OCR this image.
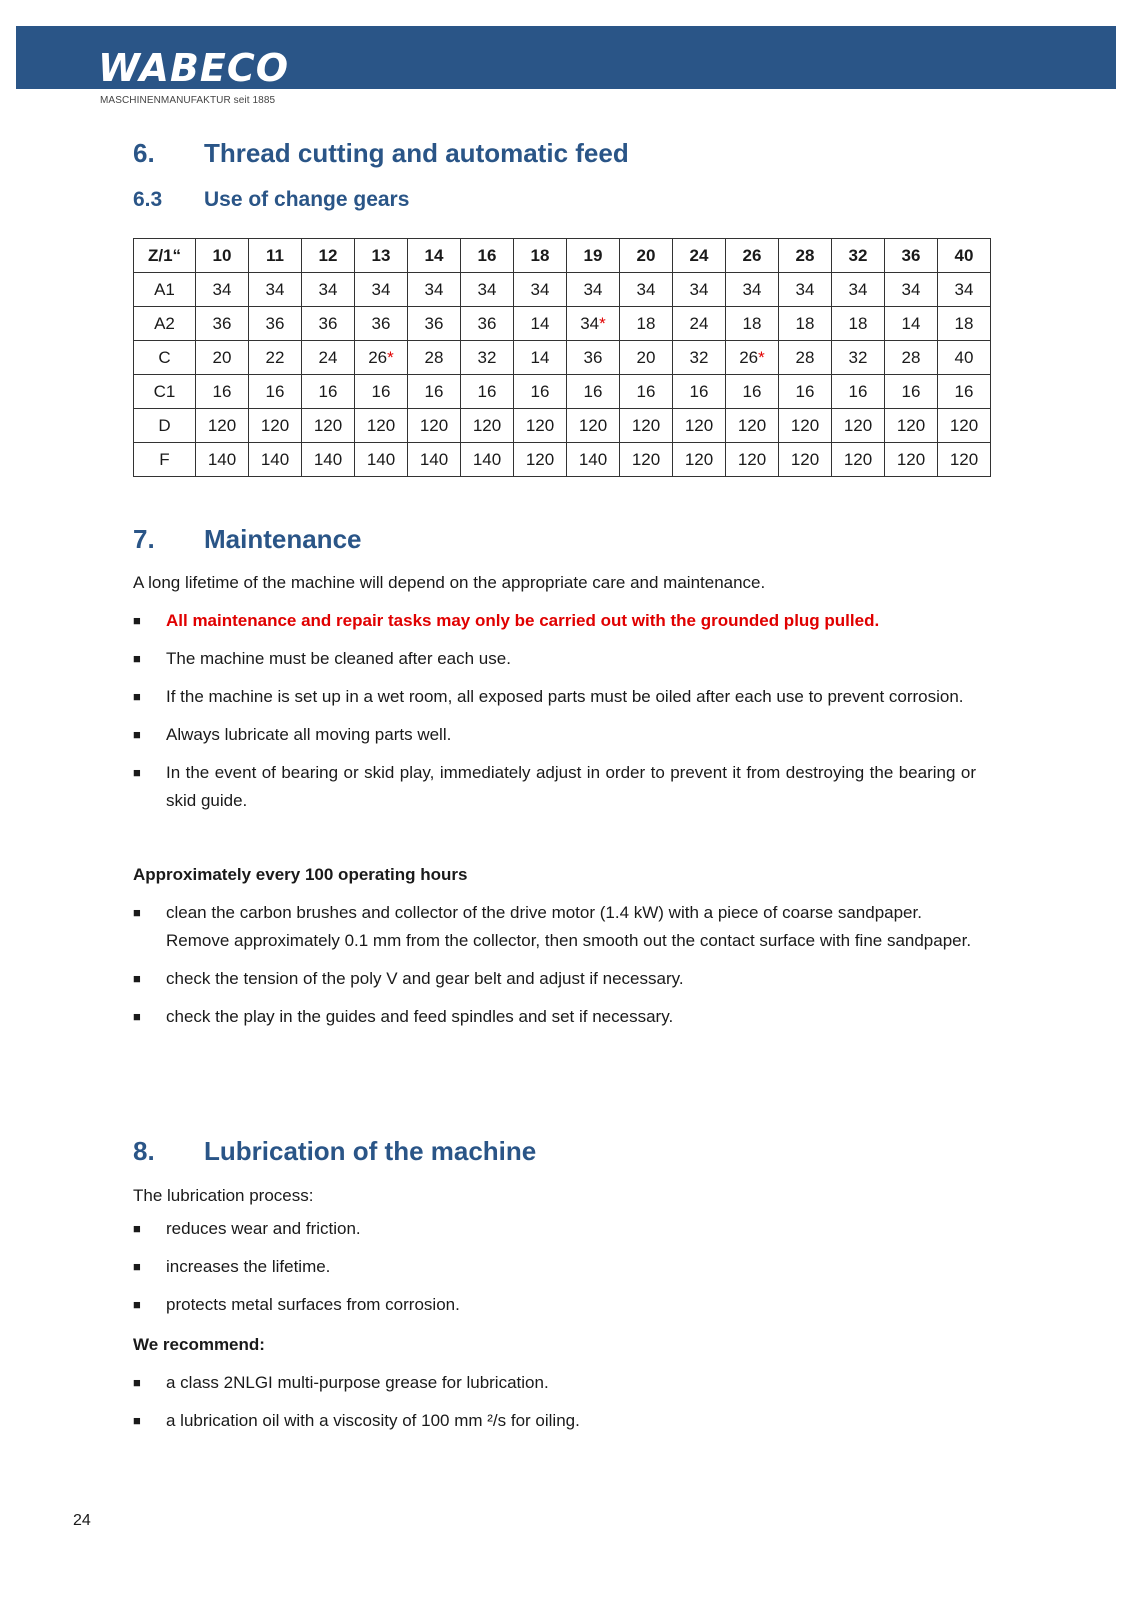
WABECO
MASCHINENMANUFAKTUR seit 1885
6. Thread cutting and automatic feed
6.3 Use of change gears
Z/1“	10	11	12	13	14	16	18	19	20	24	26	28	32	36	40
A1	34	34	34	34	34	34	34	34	34	34	34	34	34	34	34
A2	36	36	36	36	36	36	14	34*	18	24	18	18	18	14	18
C	20	22	24	26*	28	32	14	36	20	32	26*	28	32	28	40
C1	16	16	16	16	16	16	16	16	16	16	16	16	16	16	16
D	120	120	120	120	120	120	120	120	120	120	120	120	120	120	120
F	140	140	140	140	140	140	120	140	120	120	120	120	120	120	120
7. Maintenance

A long lifetime of the machine will depend on the appropriate care and maintenance.

■ All maintenance and repair tasks may only be carried out with the grounded plug pulled.
■ The machine must be cleaned after each use.
■ If the machine is set up in a wet room, all exposed parts must be oiled after each use to prevent corrosion.
■ Always lubricate all moving parts well.
■ In the event of bearing or skid play, immediately adjust in order to prevent it from destroying the bearing or skid guide.

Approximately every 100 operating hours

■ clean the carbon brushes and collector of the drive motor (1.4 kW) with a piece of coarse sandpaper.
Remove approximately 0.1 mm from the collector, then smooth out the contact surface with fine sandpaper.
■ check the tension of the poly V and gear belt and adjust if necessary.
■ check the play in the guides and feed spindles and set if necessary.
8. Lubrication of the machine

The lubrication process:

■ reduces wear and friction.
■ increases the lifetime.
■ protects metal surfaces from corrosion.

We recommend:

■ a class 2NLGI multi-purpose grease for lubrication.
■ a lubrication oil with a viscosity of 100 mm ²/s for oiling.
24
